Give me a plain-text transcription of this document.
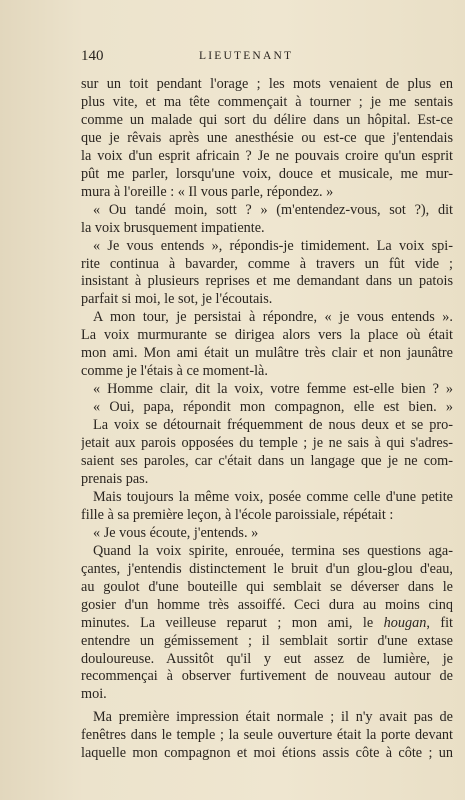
140	LIEUTENANT

sur un toit pendant l'orage ; les mots venaient de plus en

plus vite, et ma tête commençait à tourner ; je me sentais

comme un malade qui sort du délire dans un hôpital. Est-ce

que je rêvais après une anesthésie ou est-ce que j'entendais

la voix d'un esprit africain ? Je ne pouvais croire qu'un esprit

pût me parler, lorsqu'une voix, douce et musicale, me mur-

mura à l'oreille : « Il vous parle, répondez. »

« Ou tandé moin, sott ? » (m'entendez-vous, sot ?), dit

la voix brusquement impatiente.

« Je vous entends », répondis-je timidement. La voix spi-

rite continua à bavarder, comme à travers un fût vide ;

insistant à plusieurs reprises et me demandant dans un patois

parfait si moi, le sot, je l'écoutais.

A mon tour, je persistai à répondre, « je vous entends ».

La voix murmurante se dirigea alors vers la place où était

mon ami. Mon ami était un mulâtre très clair et non jaunâtre

comme je l'étais à ce moment-là.

« Homme clair, dit la voix, votre femme est-elle bien ? »

« Oui, papa, répondit mon compagnon, elle est bien. »

La voix se détournait fréquemment de nous deux et se pro-

jetait aux parois opposées du temple ; je ne sais à qui s'adres-

saient ses paroles, car c'était dans un langage que je ne com-

prenais pas.

Mais toujours la même voix, posée comme celle d'une petite

fille à sa première leçon, à l'école paroissiale, répétait :

« Je vous écoute, j'entends. »

Quand la voix spirite, enrouée, termina ses questions aga-

çantes, j'entendis distinctement le bruit d'un glou-glou d'eau,

au goulot d'une bouteille qui semblait se déverser dans le

gosier d'un homme très assoiffé. Ceci dura au moins cinq

minutes. La veilleuse reparut ; mon ami, le hougan, fit

entendre un gémissement ; il semblait sortir d'une extase

douloureuse. Aussitôt qu'il y eut assez de lumière, je

recommençai à observer furtivement de nouveau autour de

moi.

Ma première impression était normale ; il n'y avait pas de

fenêtres dans le temple ; la seule ouverture était la porte devant

laquelle mon compagnon et moi étions assis côte à côte ; un
